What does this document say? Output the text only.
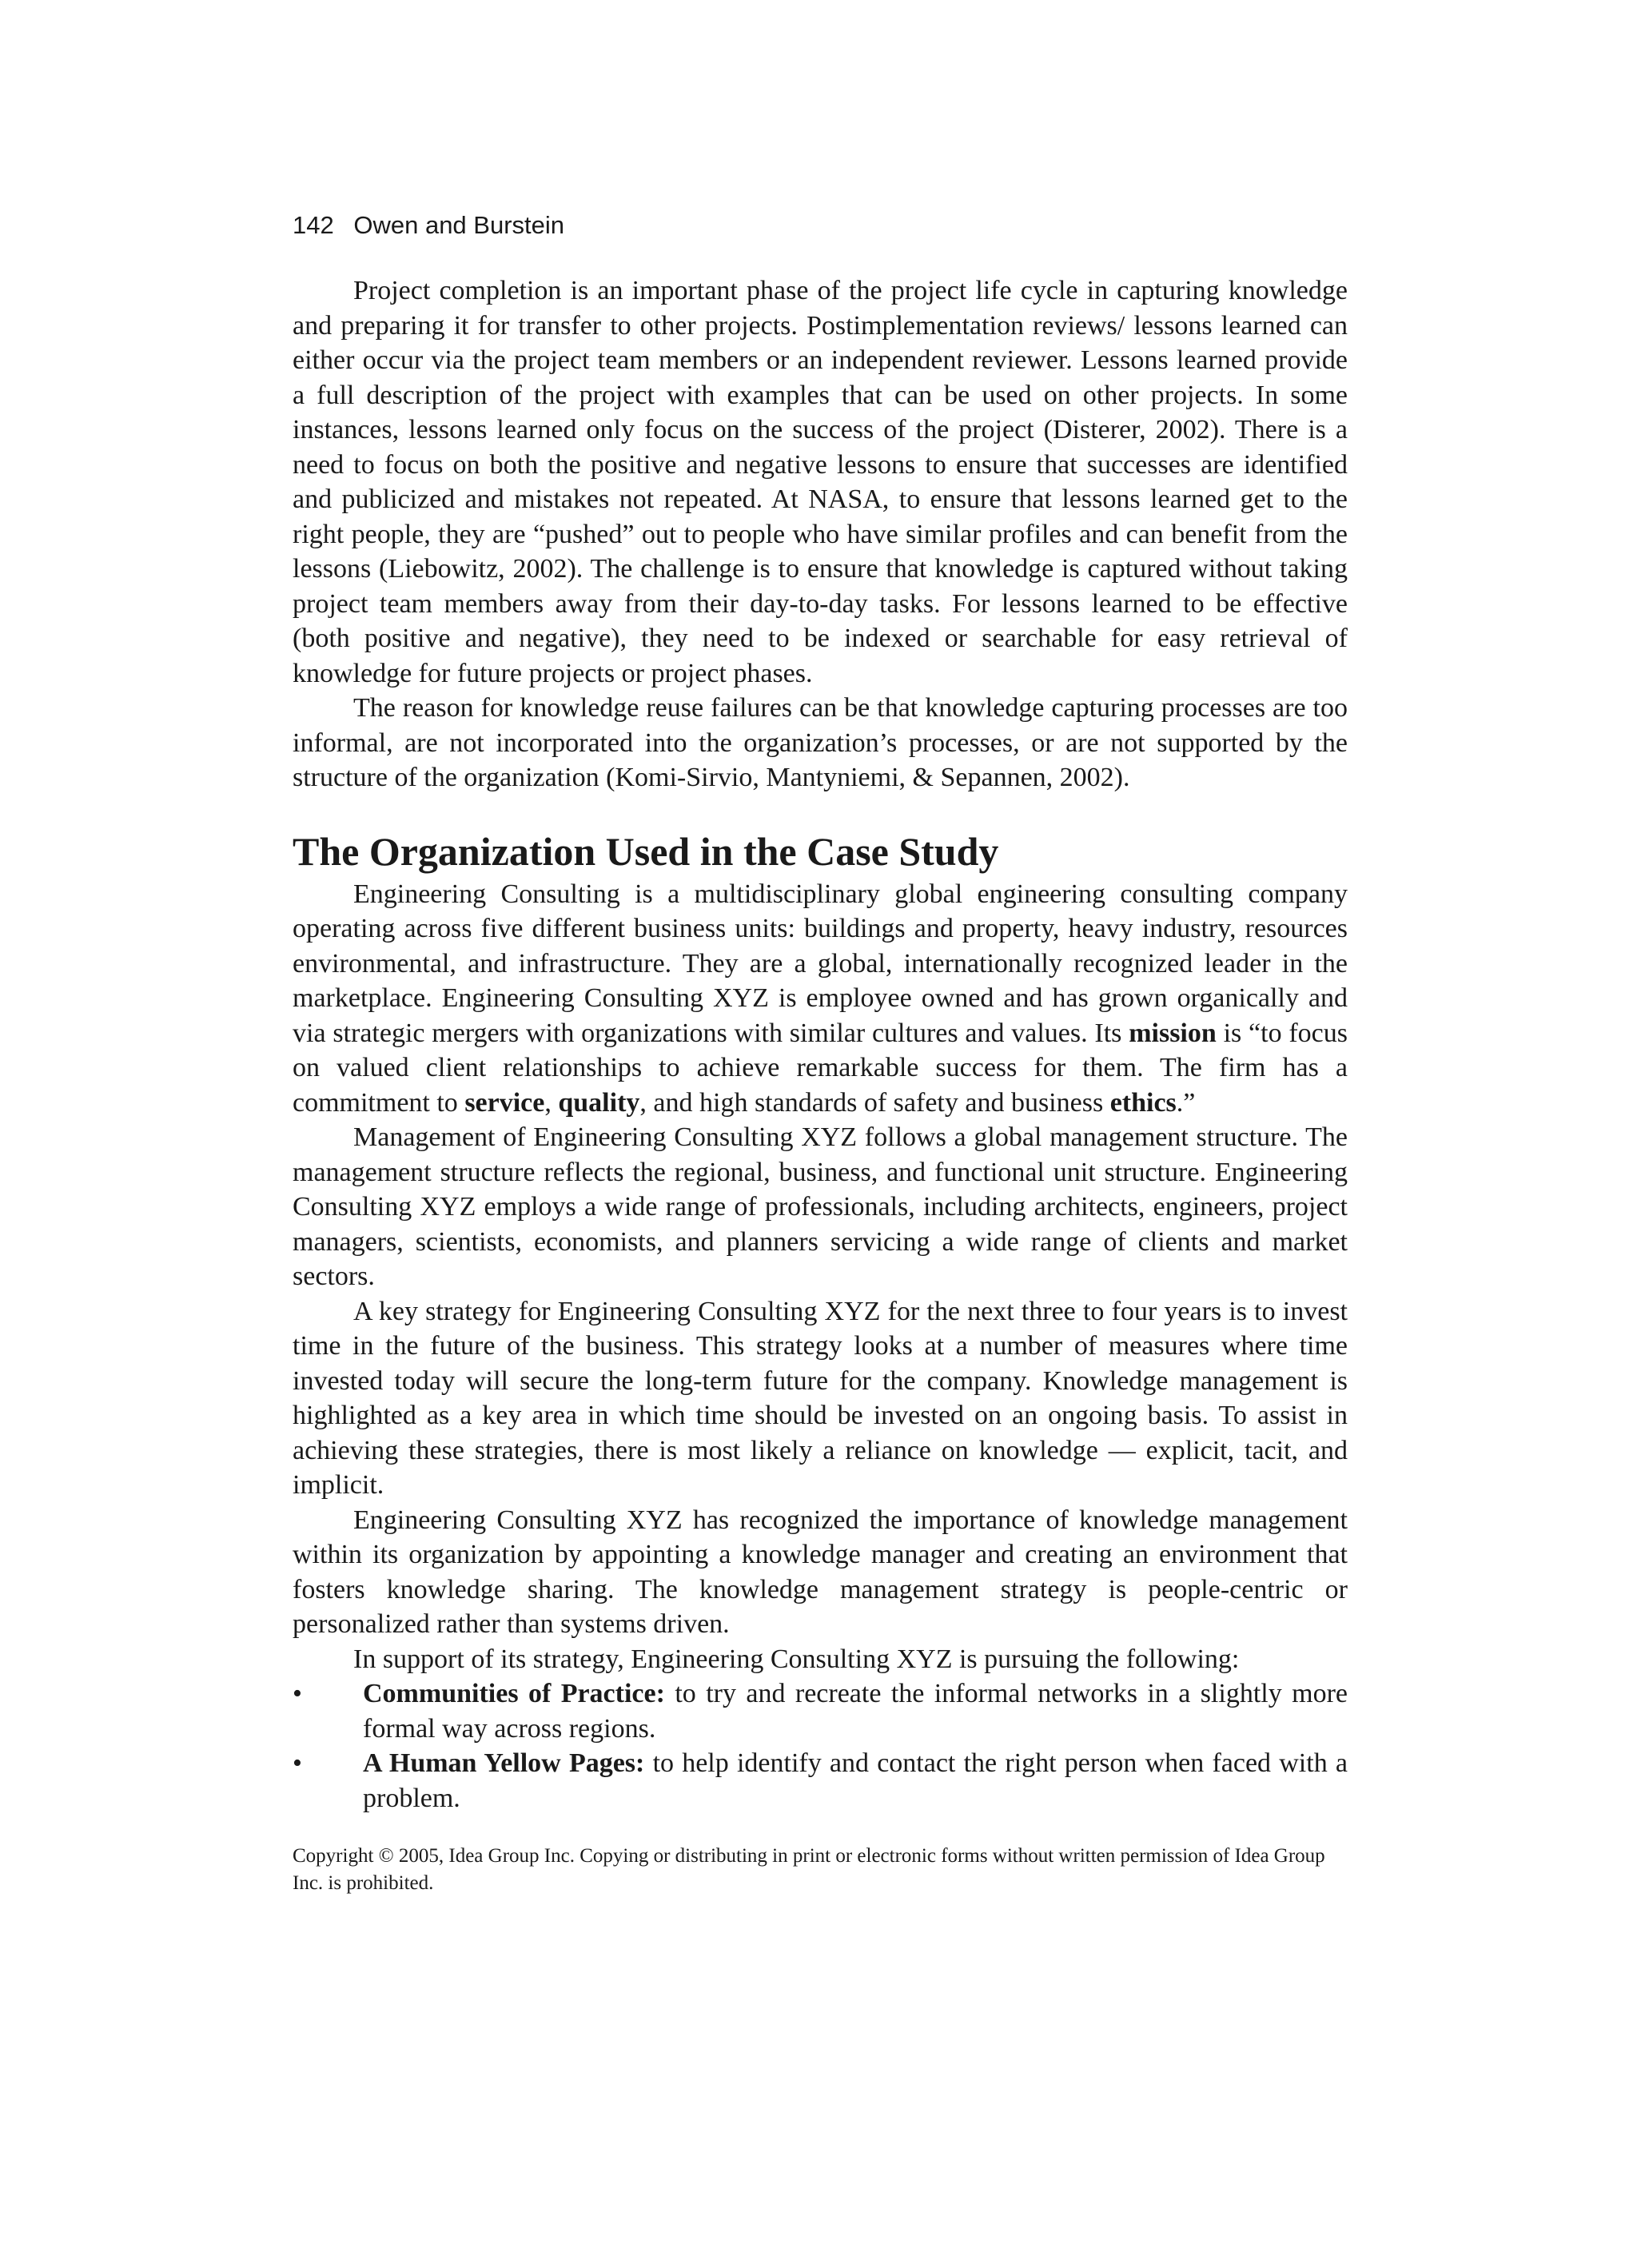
142 Owen and Burstein

Project completion is an important phase of the project life cycle in capturing knowledge and preparing it for transfer to other projects. Postimplementation reviews/ lessons learned can either occur via the project team members or an independent reviewer. Lessons learned provide a full description of the project with examples that can be used on other projects. In some instances, lessons learned only focus on the success of the project (Disterer, 2002). There is a need to focus on both the positive and negative lessons to ensure that successes are identified and publicized and mistakes not repeated. At NASA, to ensure that lessons learned get to the right people, they are “pushed” out to people who have similar profiles and can benefit from the lessons (Liebowitz, 2002). The challenge is to ensure that knowledge is captured without taking project team members away from their day-to-day tasks. For lessons learned to be effective (both positive and negative), they need to be indexed or searchable for easy retrieval of knowledge for future projects or project phases.

The reason for knowledge reuse failures can be that knowledge capturing processes are too informal, are not incorporated into the organization’s processes, or are not supported by the structure of the organization (Komi-Sirvio, Mantyniemi, & Sepannen, 2002).

The Organization Used in the Case Study

Engineering Consulting is a multidisciplinary global engineering consulting company operating across five different business units: buildings and property, heavy industry, resources environmental, and infrastructure. They are a global, internationally recognized leader in the marketplace. Engineering Consulting XYZ is employee owned and has grown organically and via strategic mergers with organizations with similar cultures and values. Its mission is “to focus on valued client relationships to achieve remarkable success for them. The firm has a commitment to service, quality, and high standards of safety and business ethics.”

Management of Engineering Consulting XYZ follows a global management structure. The management structure reflects the regional, business, and functional unit structure. Engineering Consulting XYZ employs a wide range of professionals, including architects, engineers, project managers, scientists, economists, and planners servicing a wide range of clients and market sectors.

A key strategy for Engineering Consulting XYZ for the next three to four years is to invest time in the future of the business. This strategy looks at a number of measures where time invested today will secure the long-term future for the company. Knowledge management is highlighted as a key area in which time should be invested on an ongoing basis. To assist in achieving these strategies, there is most likely a reliance on knowledge — explicit, tacit, and implicit.

Engineering Consulting XYZ has recognized the importance of knowledge management within its organization by appointing a knowledge manager and creating an environment that fosters knowledge sharing. The knowledge management strategy is people-centric or personalized rather than systems driven.

In support of its strategy, Engineering Consulting XYZ is pursuing the following:

• Communities of Practice: to try and recreate the informal networks in a slightly more formal way across regions.
• A Human Yellow Pages: to help identify and contact the right person when faced with a problem.
Copyright © 2005, Idea Group Inc. Copying or distributing in print or electronic forms without written permission of Idea Group Inc. is prohibited.
